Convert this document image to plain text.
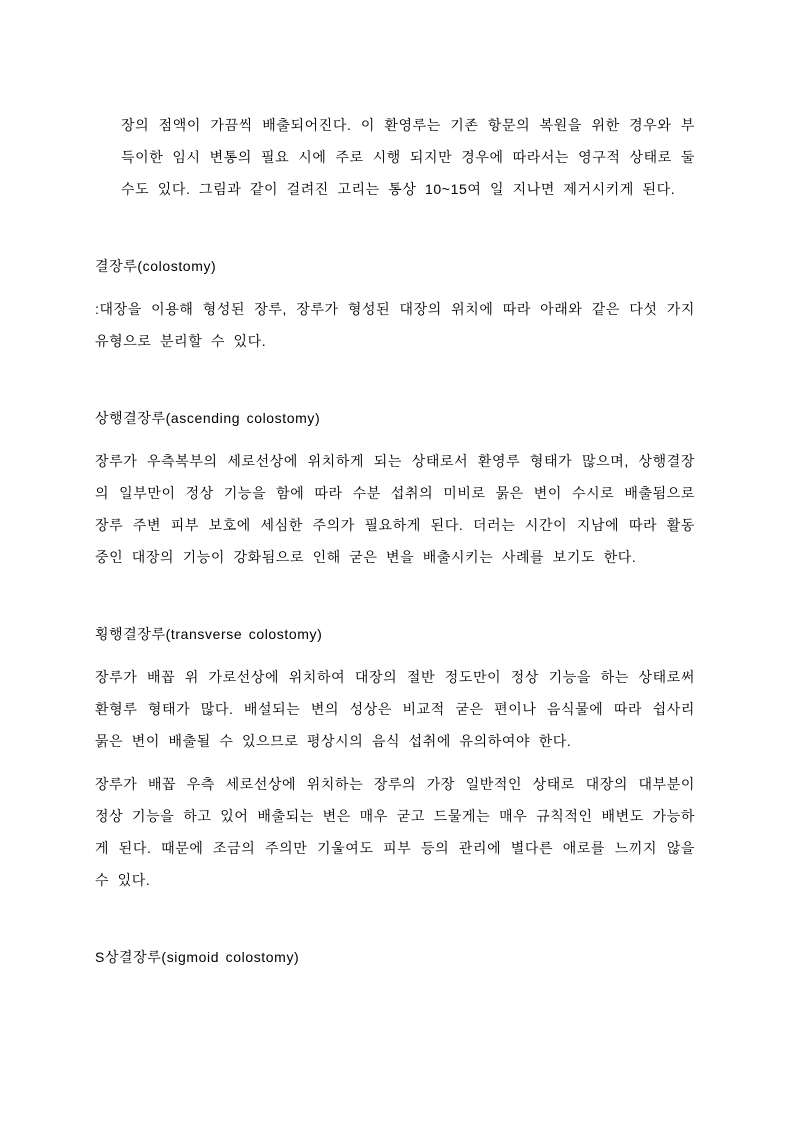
장의 점액이 가끔씩 배출되어진다. 이 환영루는 기존 항문의 복원을 위한 경우와 부득이한 임시 변통의 필요 시에 주로 시행 되지만 경우에 따라서는 영구적 상태로 둘 수도 있다. 그림과 같이 걸려진 고리는 통상 10~15여 일 지나면 제거시키게 된다.

결장루(colostomy)

:대장을 이용해 형성된 장루, 장루가 형성된 대장의 위치에 따라 아래와 같은 다섯 가지 유형으로 분리할 수 있다.

상행결장루(ascending colostomy)

장루가 우측복부의 세로선상에 위치하게 되는 상태로서 환영루 형태가 많으며, 상행결장의 일부만이 정상 기능을 함에 따라 수분 섭취의 미비로 묽은 변이 수시로 배출됨으로 장루 주변 피부 보호에 세심한 주의가 필요하게 된다. 더러는 시간이 지남에 따라 활동 중인 대장의 기능이 강화됨으로 인해 굳은 변을 배출시키는 사례를 보기도 한다.

횡행결장루(transverse colostomy)

장루가 배꼽 위 가로선상에 위치하여 대장의 절반 정도만이 정상 기능을 하는 상태로써 환형루 형태가 많다. 배설되는 변의 성상은 비교적 굳은 편이나 음식물에 따라 쉽사리 묽은 변이 배출될 수 있으므로 평상시의 음식 섭취에 유의하여야 한다.

장루가 배꼽 우측 세로선상에 위치하는 장루의 가장 일반적인 상태로 대장의 대부분이 정상 기능을 하고 있어 배출되는 변은 매우 굳고 드물게는 매우 규칙적인 배변도 가능하게 된다. 때문에 조금의 주의만 기울여도 피부 등의 관리에 별다른 애로를 느끼지 않을 수 있다.

S상결장루(sigmoid colostomy)
